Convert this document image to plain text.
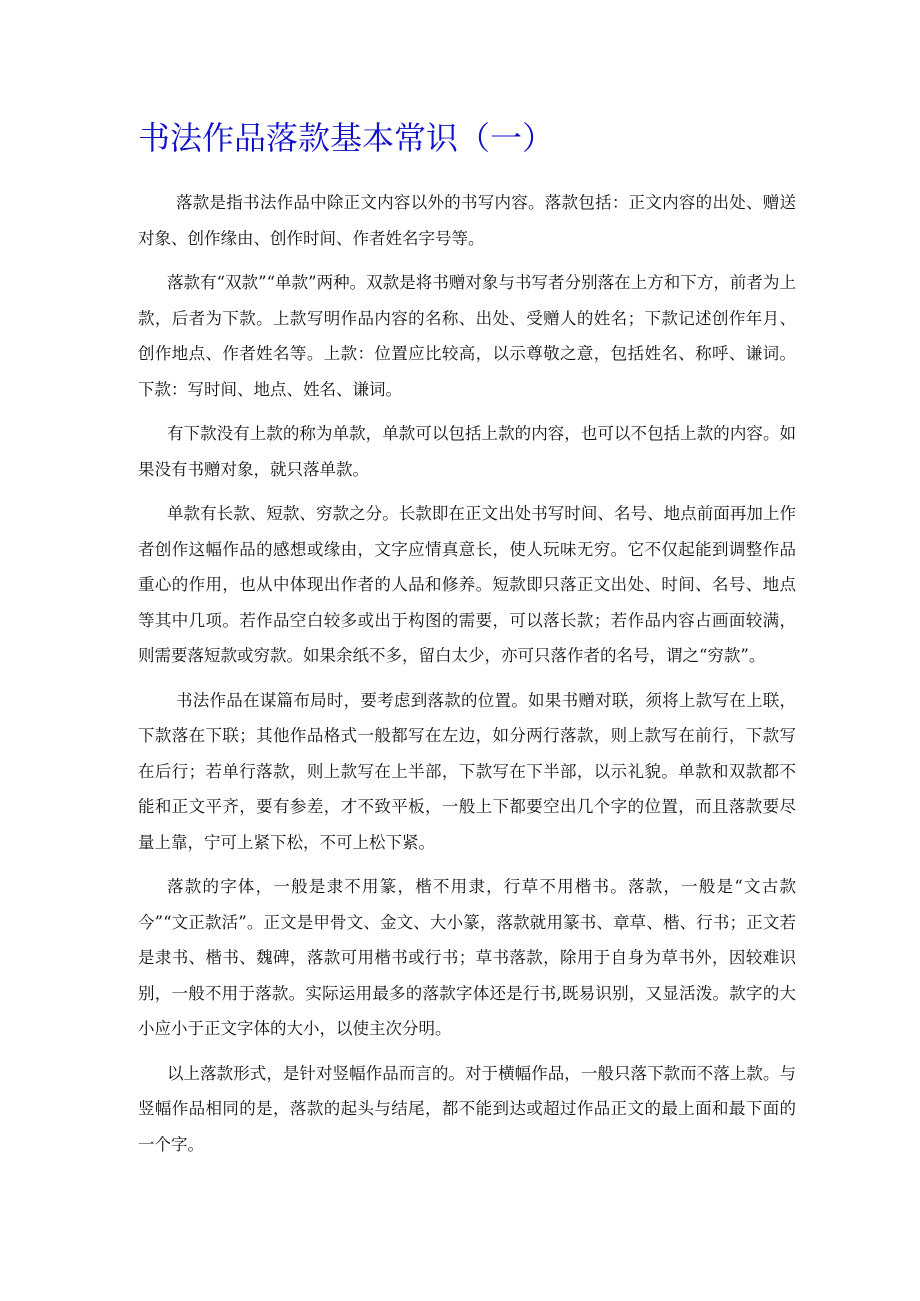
书法作品落款基本常识（一）

落款是指书法作品中除正文内容以外的书写内容。落款包括：正文内容的出处、赠送对象、创作缘由、创作时间、作者姓名字号等。

落款有“双款”“单款”两种。双款是将书赠对象与书写者分别落在上方和下方，前者为上款，后者为下款。上款写明作品内容的名称、出处、受赠人的姓名；下款记述创作年月、创作地点、作者姓名等。上款：位置应比较高，以示尊敬之意，包括姓名、称呼、谦词。下款：写时间、地点、姓名、谦词。

有下款没有上款的称为单款，单款可以包括上款的内容，也可以不包括上款的内容。如果没有书赠对象，就只落单款。

单款有长款、短款、穷款之分。长款即在正文出处书写时间、名号、地点前面再加上作者创作这幅作品的感想或缘由，文字应情真意长，使人玩味无穷。它不仅起能到调整作品重心的作用，也从中体现出作者的人品和修养。短款即只落正文出处、时间、名号、地点等其中几项。若作品空白较多或出于构图的需要，可以落长款；若作品内容占画面较满，则需要落短款或穷款。如果余纸不多，留白太少，亦可只落作者的名号，谓之“穷款”。

书法作品在谋篇布局时，要考虑到落款的位置。如果书赠对联，须将上款写在上联，下款落在下联；其他作品格式一般都写在左边，如分两行落款，则上款写在前行，下款写在后行；若单行落款，则上款写在上半部，下款写在下半部，以示礼貌。单款和双款都不能和正文平齐，要有参差，才不致平板，一般上下都要空出几个字的位置，而且落款要尽量上靠，宁可上紧下松，不可上松下紧。

落款的字体，一般是隶不用篆，楷不用隶，行草不用楷书。落款，一般是“文古款今”“文正款活”。正文是甲骨文、金文、大小篆，落款就用篆书、章草、楷、行书；正文若是隶书、楷书、魏碑，落款可用楷书或行书；草书落款，除用于自身为草书外，因较难识别，一般不用于落款。实际运用最多的落款字体还是行书,既易识别，又显活泼。款字的大小应小于正文字体的大小，以使主次分明。

以上落款形式，是针对竖幅作品而言的。对于横幅作品，一般只落下款而不落上款。与竖幅作品相同的是，落款的起头与结尾，都不能到达或超过作品正文的最上面和最下面的一个字。
